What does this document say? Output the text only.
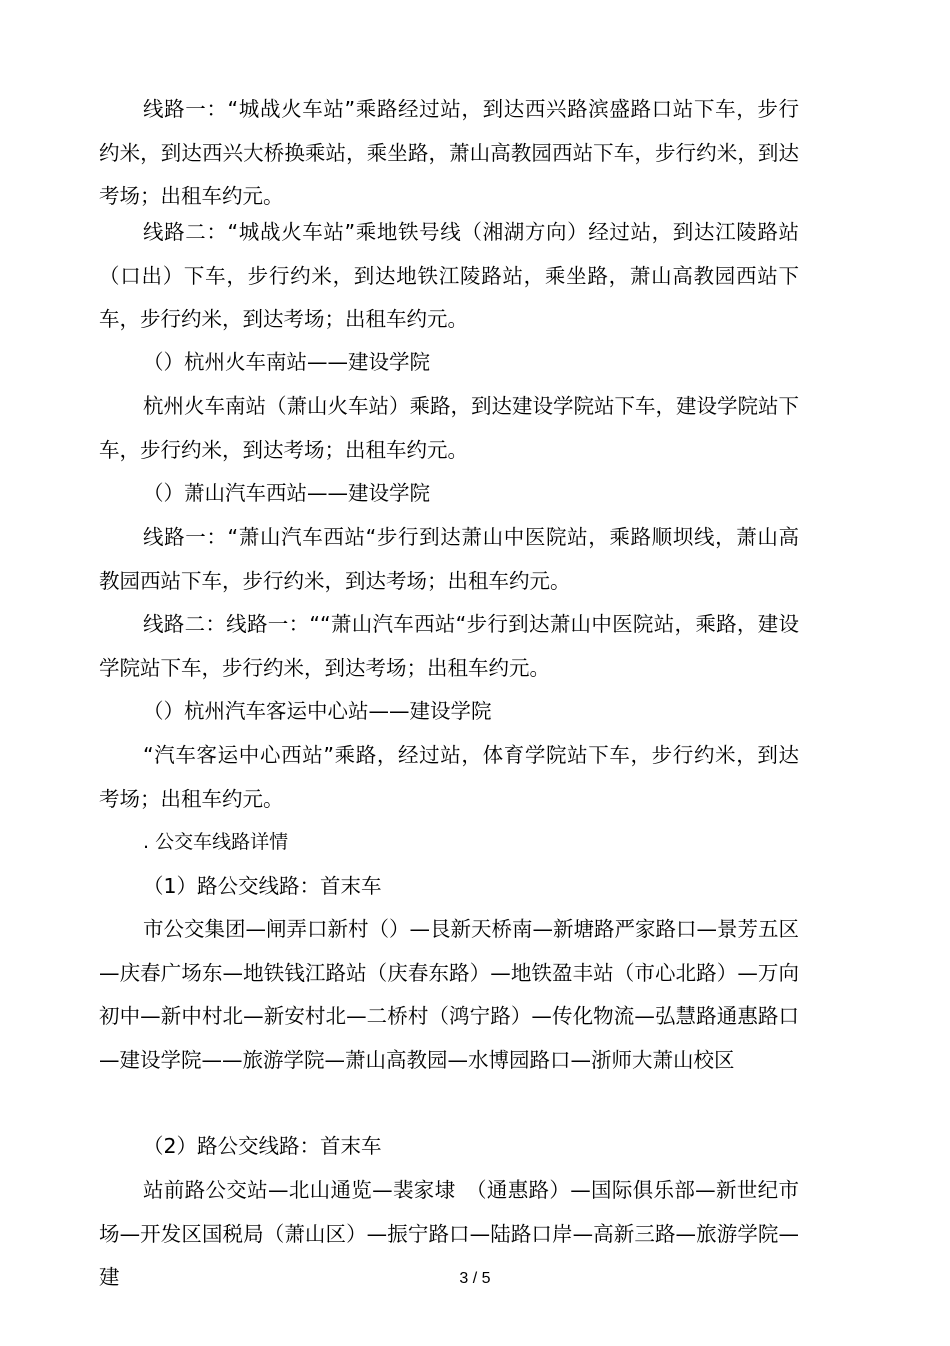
线路一：“城战火车站”乘路经过站，到达西兴路滨盛路口站下车，步行约米，到达西兴大桥换乘站，乘坐路，萧山高教园西站下车，步行约米，到达考场；出租车约元。

线路二：“城战火车站”乘地铁号线（湘湖方向）经过站，到达江陵路站（口出）下车，步行约米，到达地铁江陵路站，乘坐路，萧山高教园西站下车，步行约米，到达考场；出租车约元。

（）杭州火车南站——建设学院

杭州火车南站（萧山火车站）乘路，到达建设学院站下车，建设学院站下车，步行约米，到达考场；出租车约元。

（）萧山汽车西站——建设学院

线路一：“萧山汽车西站“步行到达萧山中医院站，乘路顺坝线，萧山高教园西站下车，步行约米，到达考场；出租车约元。

线路二：线路一：““萧山汽车西站“步行到达萧山中医院站，乘路，建设学院站下车，步行约米，到达考场；出租车约元。

（）杭州汽车客运中心站——建设学院

“汽车客运中心西站”乘路，经过站，体育学院站下车，步行约米，到达考场；出租车约元。

. 公交车线路详情

（1）路公交线路：首末车

市公交集团—闸弄口新村（）—艮新天桥南—新塘路严家路口—景芳五区—庆春广场东—地铁钱江路站（庆春东路）—地铁盈丰站（市心北路）—万向初中—新中村北—新安村北—二桥村（鸿宁路）—传化物流—弘慧路通惠路口—建设学院——旅游学院—萧山高教园—水博园路口—浙师大萧山校区

（2）路公交线路：首末车

站前路公交站—北山通览—裴家埭　（通惠路）—国际俱乐部—新世纪市场—开发区国税局（萧山区）—振宁路口—陆路口岸—高新三路—旅游学院—建	3 / 5
